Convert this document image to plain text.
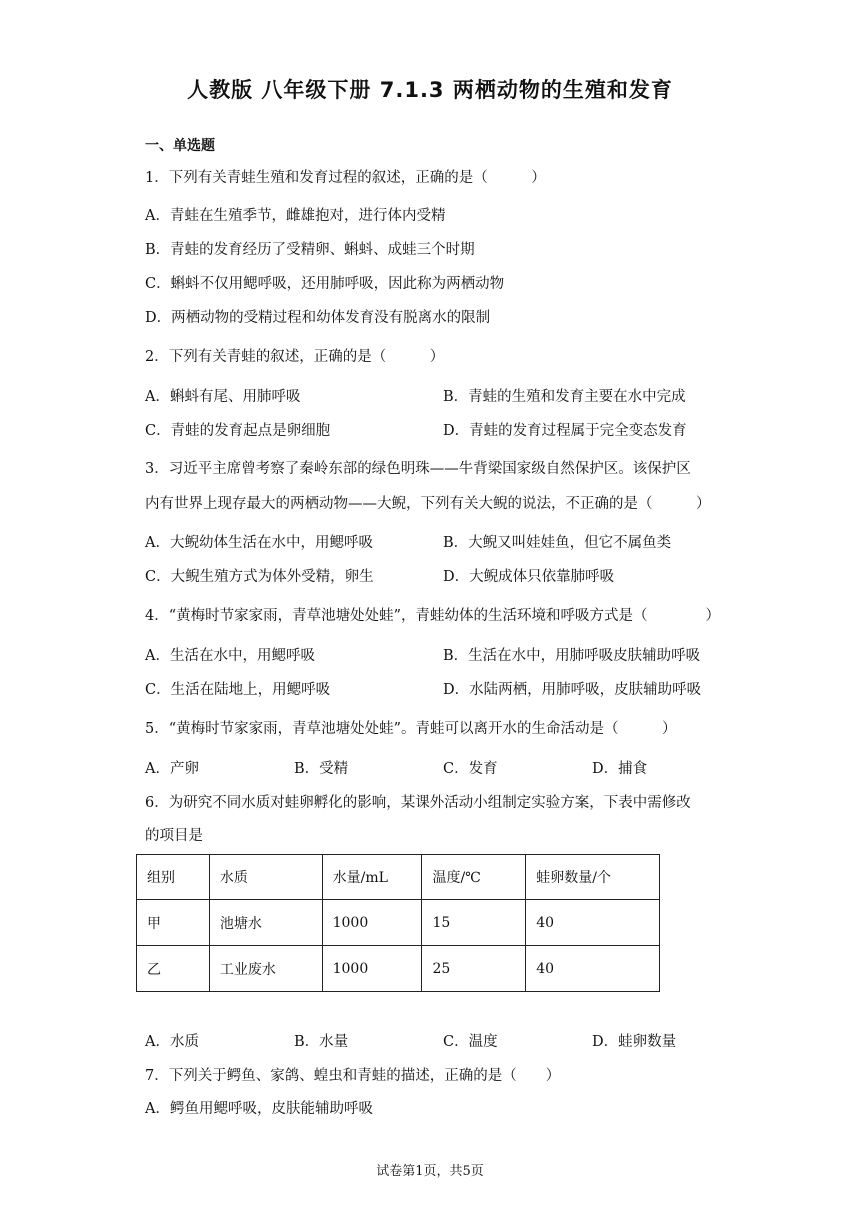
人教版 八年级下册 7.1.3 两栖动物的生殖和发育
一、单选题
1．下列有关青蛙生殖和发育过程的叙述，正确的是（　　　）
A．青蛙在生殖季节，雌雄抱对，进行体内受精
B．青蛙的发育经历了受精卵、蝌蚪、成蛙三个时期
C．蝌蚪不仅用鳃呼吸，还用肺呼吸，因此称为两栖动物
D．两栖动物的受精过程和幼体发育没有脱离水的限制
2．下列有关青蛙的叙述，正确的是（　　　）
A．蝌蚪有尾、用肺呼吸	B．青蛙的生殖和发育主要在水中完成
C．青蛙的发育起点是卵细胞	D．青蛙的发育过程属于完全变态发育
3．习近平主席曾考察了秦岭东部的绿色明珠——牛背梁国家级自然保护区。该保护区
内有世界上现存最大的两栖动物——大鲵，下列有关大鲵的说法，不正确的是（　　　）
A．大鲵幼体生活在水中，用鳃呼吸	B．大鲵又叫娃娃鱼，但它不属鱼类
C．大鲵生殖方式为体外受精，卵生	D．大鲵成体只依靠肺呼吸
4．“黄梅时节家家雨，青草池塘处处蛙”，青蛙幼体的生活环境和呼吸方式是（　　　　）
A．生活在水中，用鳃呼吸	B．生活在水中，用肺呼吸皮肤辅助呼吸
C．生活在陆地上，用鳃呼吸	D．水陆两栖，用肺呼吸，皮肤辅助呼吸
5．“黄梅时节家家雨，青草池塘处处蛙”。青蛙可以离开水的生命活动是（　　　）
A．产卵	B．受精	C．发育	D．捕食
6．为研究不同水质对蛙卵孵化的影响，某课外活动小组制定实验方案，下表中需修改
的项目是
组别	水质	水量/mL	温度/℃	蛙卵数量/个
甲	池塘水	1000	15	40
乙	工业废水	1000	25	40
A．水质	B．水量	C．温度	D．蛙卵数量
7．下列关于鳄鱼、家鸽、蝗虫和青蛙的描述，正确的是（　　）
A．鳄鱼用鳃呼吸，皮肤能辅助呼吸
试卷第1页，共5页
